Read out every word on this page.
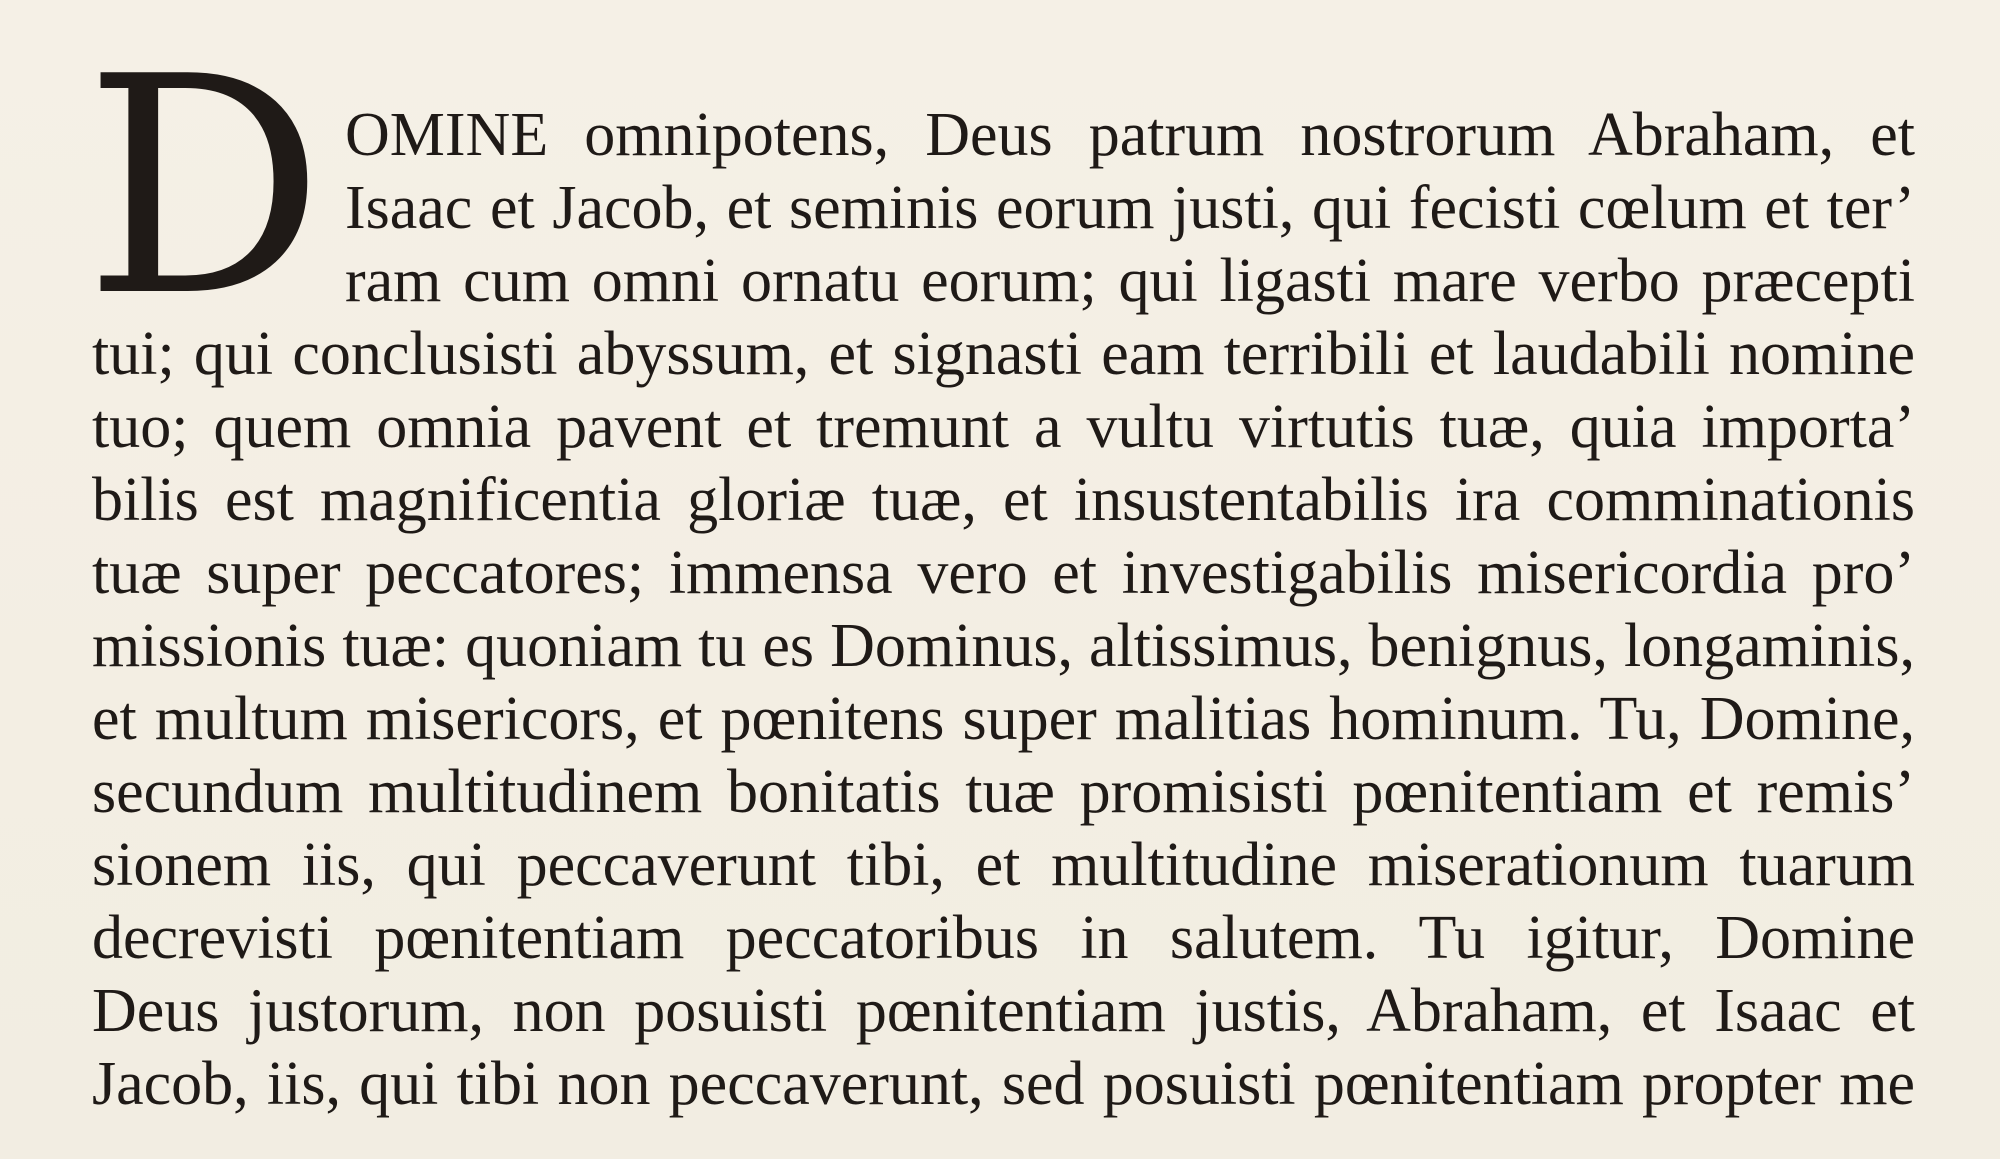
D OMINE omnipotens, Deus patrum nostrorum Abraham, et

Isaac et Jacob, et seminis eorum justi, qui fecisti cœlum et ter’

ram cum omni ornatu eorum; qui ligasti mare verbo præcepti

tui; qui conclusisti abyssum, et signasti eam terribili et laudabili nomine

tuo; quem omnia pavent et tremunt a vultu virtutis tuæ, quia importa’

bilis est magnificentia gloriæ tuæ, et insustentabilis ira comminationis

tuæ super peccatores; immensa vero et investigabilis misericordia pro’

missionis tuæ: quoniam tu es Dominus, altissimus, benignus, longaminis,

et multum misericors, et pœnitens super malitias hominum. Tu, Domine,

secundum multitudinem bonitatis tuæ promisisti pœnitentiam et remis’

sionem iis, qui peccaverunt tibi, et multitudine miserationum tuarum

decrevisti pœnitentiam peccatoribus in salutem. Tu igitur, Domine

Deus justorum, non posuisti pœnitentiam justis, Abraham, et Isaac et

Jacob, iis, qui tibi non peccaverunt, sed posuisti pœnitentiam propter me
